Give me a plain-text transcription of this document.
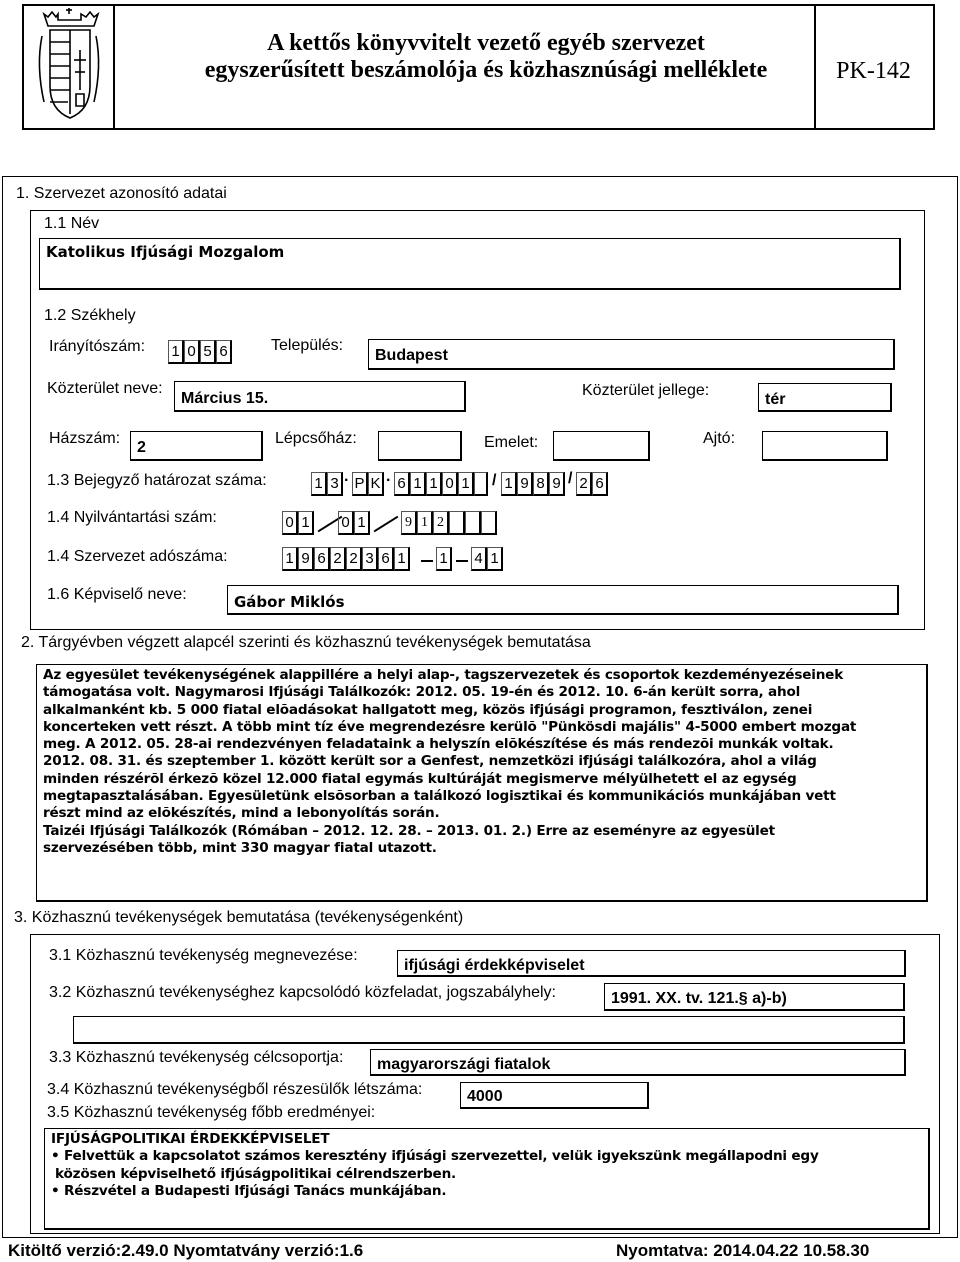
A kettős könyvvitelt vezető egyéb szervezet
egyszerűsített beszámolója és közhasznúsági melléklete	PK-142
1. Szervezet azonosító adatai
1.1 Név
Katolikus Ifjúsági Mozgalom
1.2 Székhely
Irányítószám: 1 0 5 6	Település:
Budapest
Közterület neve:
Március 15.	Közterület jellege:
tér
Házszám:
2
Lépcsőház:	Emelet:	Ajtó:
1.3 Bejegyző határozat száma:	1 3 · P K · 6 1 1 0 1 / 1 9 8 9 / 2 6
1.4 Nyilvántartási szám:	0 1 0 1	9 1 2
1.4 Szervezet adószáma:	1 9 6 2 2 3 6 1 1 4 1
1.6 Képviselő neve:	Gábor Miklós
2. Tárgyévben végzett alapcél szerinti és közhasznú tevékenységek bemutatása
Az egyesület tevékenységének alappillére a helyi alap-, tagszervezetek és csoportok kezdeményezéseinek
támogatása volt. Nagymarosi Ifjúsági Találkozók: 2012. 05. 19-én és 2012. 10. 6-án került sorra, ahol
alkalmanként kb. 5 000 fiatal elõadásokat hallgatott meg, közös ifjúsági programon, fesztiválon, zenei
koncerteken vett részt. A több mint tíz éve megrendezésre kerülõ "Pünkösdi majális" 4-5000 embert mozgat
meg. A 2012. 05. 28-ai rendezvényen feladataink a helyszín elõkészítése és más rendezõi munkák voltak.
2012. 08. 31. és szeptember 1. között került sor a Genfest, nemzetközi ifjúsági találkozóra, ahol a világ
minden részérõl érkezõ közel 12.000 fiatal egymás kultúráját megismerve mélyülhetett el az egység
megtapasztalásában. Egyesületünk elsõsorban a találkozó logisztikai és kommunikációs munkájában vett
részt mind az elõkészítés, mind a lebonyolítás során.
Taizéi Ifjúsági Találkozók (Rómában – 2012. 12. 28. – 2013. 01. 2.) Erre az eseményre az egyesület
szervezésében több, mint 330 magyar fiatal utazott.
3. Közhasznú tevékenységek bemutatása (tevékenységenként)
3.1 Közhasznú tevékenység megnevezése:
ifjúsági érdekképviselet
3.2 Közhasznú tevékenységhez kapcsolódó közfeladat, jogszabályhely:	1991. XX. tv. 121.§ a)-b)
3.3 Közhasznú tevékenység célcsoportja:	magyarországi fiatalok
3.4 Közhasznú tevékenységből részesülők létszáma:	4000
3.5 Közhasznú tevékenység főbb eredményei:
IFJÚSÁGPOLITIKAI ÉRDEKKÉPVISELET
• Felvettük a kapcsolatot számos keresztény ifjúsági szervezettel, velük igyekszünk megállapodni egy
közösen képviselhető ifjúságpolitikai célrendszerben.
• Részvétel a Budapesti Ifjúsági Tanács munkájában.
Kitöltő verzió:2.49.0 Nyomtatvány verzió:1.6	Nyomtatva: 2014.04.22 10.58.30
